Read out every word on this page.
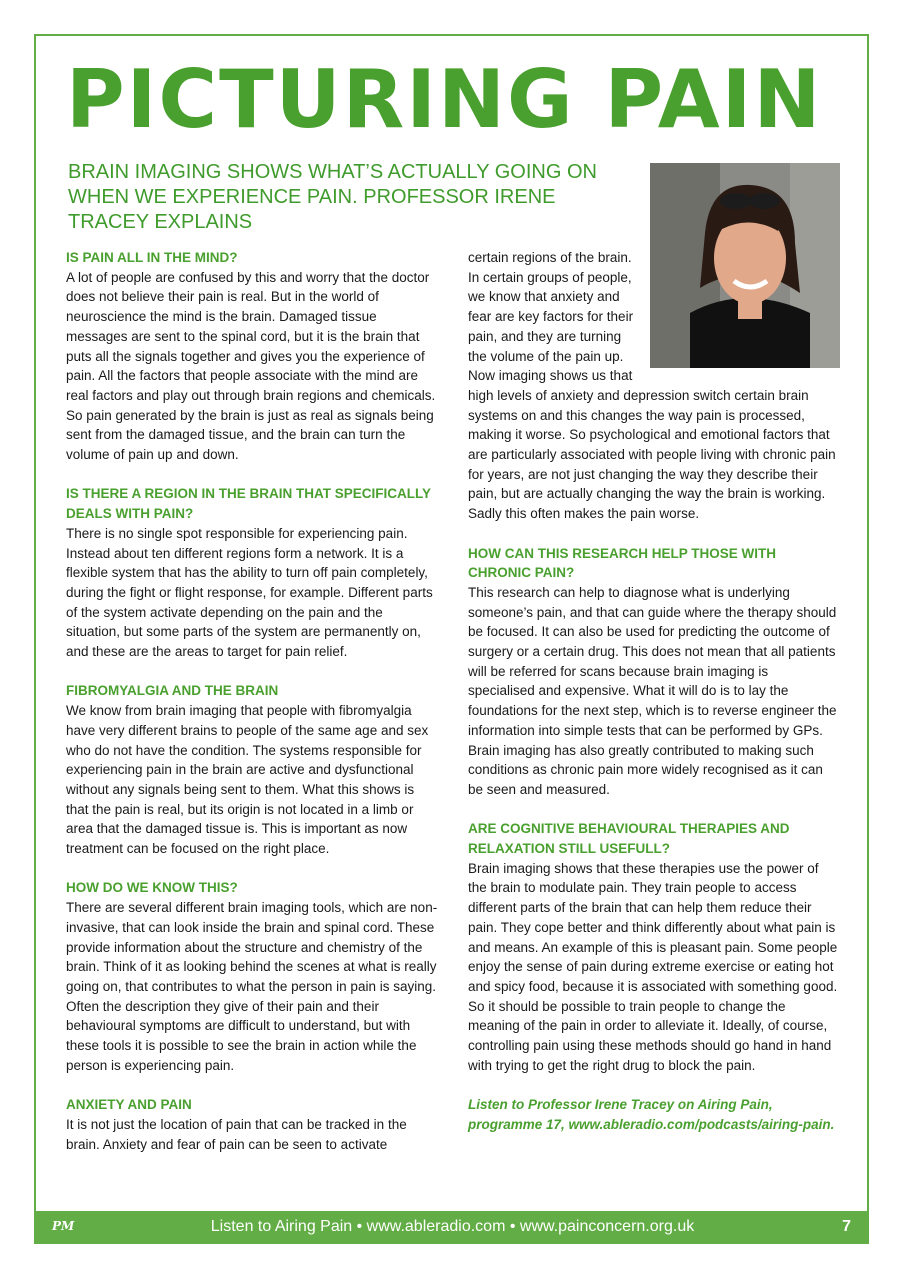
PICTURING PAIN
BRAIN IMAGING SHOWS WHAT’S ACTUALLY GOING ON WHEN WE EXPERIENCE PAIN. PROFESSOR IRENE TRACEY EXPLAINS
IS PAIN ALL IN THE MIND?

A lot of people are confused by this and worry that the doctor does not believe their pain is real. But in the world of neuroscience the mind is the brain. Damaged tissue messages are sent to the spinal cord, but it is the brain that puts all the signals together and gives you the experience of pain. All the factors that people associate with the mind are real factors and play out through brain regions and chemicals. So pain generated by the brain is just as real as signals being sent from the damaged tissue, and the brain can turn the volume of pain up and down.

IS THERE A REGION IN THE BRAIN THAT SPECIFICALLY DEALS WITH PAIN?

There is no single spot responsible for experiencing pain. Instead about ten different regions form a network. It is a flexible system that has the ability to turn off pain completely, during the fight or flight response, for example. Different parts of the system activate depending on the pain and the situation, but some parts of the system are permanently on, and these are the areas to target for pain relief.

FIBROMYALGIA AND THE BRAIN

We know from brain imaging that people with fibromyalgia have very different brains to people of the same age and sex who do not have the condition. The systems responsible for experiencing pain in the brain are active and dysfunctional without any signals being sent to them. What this shows is that the pain is real, but its origin is not located in a limb or area that the damaged tissue is. This is important as now treatment can be focused on the right place.

HOW DO WE KNOW THIS?

There are several different brain imaging tools, which are non-invasive, that can look inside the brain and spinal cord. These provide information about the structure and chemistry of the brain. Think of it as looking behind the scenes at what is really going on, that contributes to what the person in pain is saying. Often the description they give of their pain and their behavioural symptoms are difficult to understand, but with these tools it is possible to see the brain in action while the person is experiencing pain.

ANXIETY AND PAIN

It is not just the location of pain that can be tracked in the brain. Anxiety and fear of pain can be seen to activate

certain regions of the brain. In certain groups of people, we know that anxiety and fear are key factors for their pain, and they are turning the volume of the pain up. Now imaging shows us that high levels of anxiety and depression switch certain brain systems on and this changes the way pain is processed, making it worse. So psychological and emotional factors that are particularly associated with people living with chronic pain for years, are not just changing the way they describe their pain, but are actually changing the way the brain is working. Sadly this often makes the pain worse.

HOW CAN THIS RESEARCH HELP THOSE WITH CHRONIC PAIN?

This research can help to diagnose what is underlying someone’s pain, and that can guide where the therapy should be focused. It can also be used for predicting the outcome of surgery or a certain drug. This does not mean that all patients will be referred for scans because brain imaging is specialised and expensive. What it will do is to lay the foundations for the next step, which is to reverse engineer the information into simple tests that can be performed by GPs. Brain imaging has also greatly contributed to making such conditions as chronic pain more widely recognised as it can be seen and measured.

ARE COGNITIVE BEHAVIOURAL THERAPIES AND RELAXATION STILL USEFULL?

Brain imaging shows that these therapies use the power of the brain to modulate pain. They train people to access different parts of the brain that can help them reduce their pain. They cope better and think differently about what pain is and means. An example of this is pleasant pain. Some people enjoy the sense of pain during extreme exercise or eating hot and spicy food, because it is associated with something good. So it should be possible to train people to change the meaning of the pain in order to alleviate it. Ideally, of course, controlling pain using these methods should go hand in hand with trying to get the right drug to block the pain.

Listen to Professor Irene Tracey on Airing Pain, programme 17, www.ableradio.com/podcasts/airing-pain.

PM	Listen to Airing Pain • www.ableradio.com • www.painconcern.org.uk	7
